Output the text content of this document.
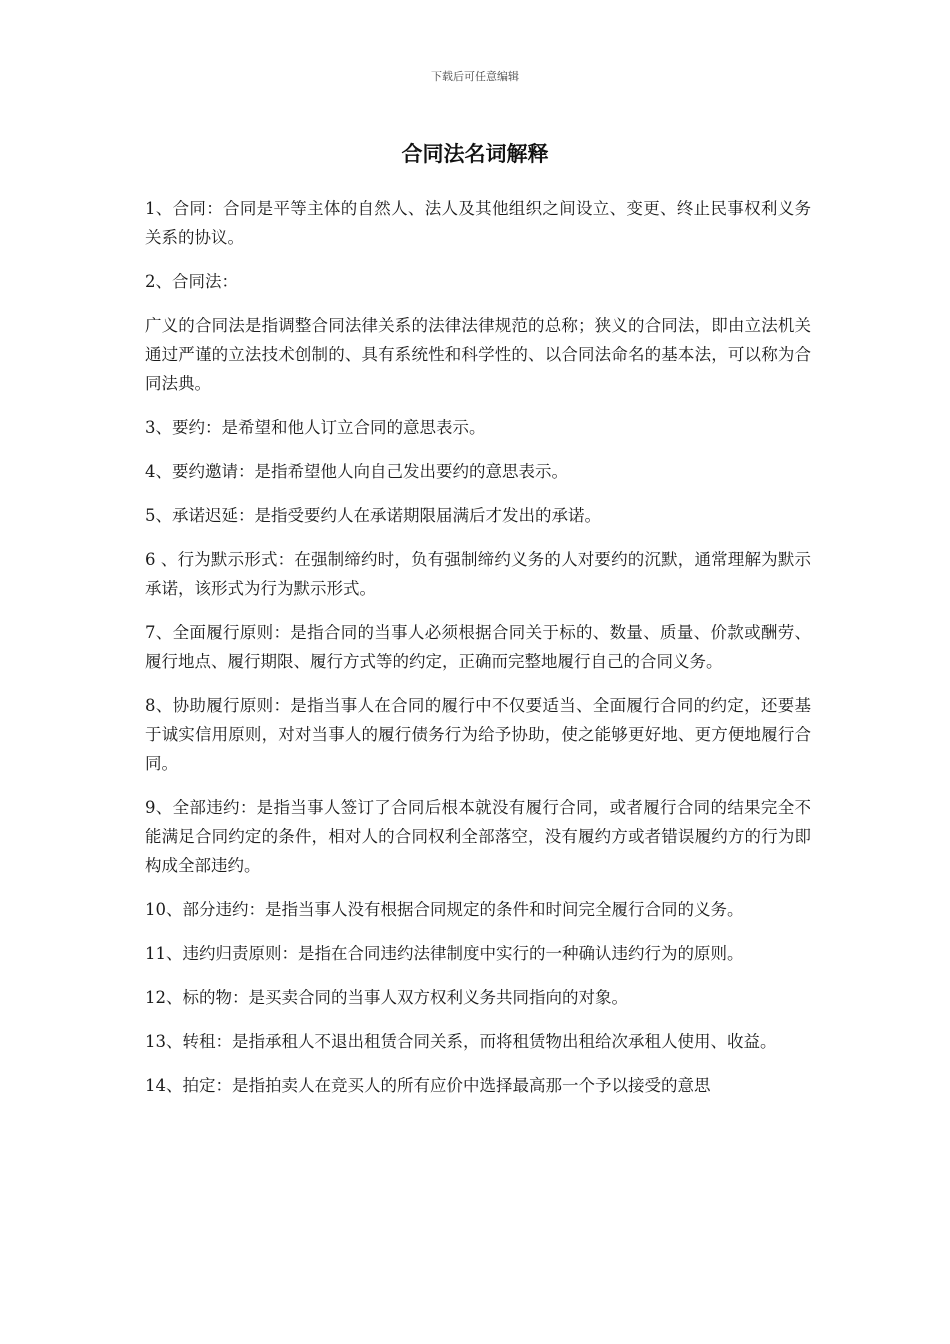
下载后可任意编辑
合同法名词解释

1、合同：合同是平等主体的自然人、法人及其他组织之间设立、变更、终止民事权利义务关系的协议。

2、合同法：

广义的合同法是指调整合同法律关系的法律法律规范的总称；狭义的合同法，即由立法机关通过严谨的立法技术创制的、具有系统性和科学性的、以合同法命名的基本法，可以称为合同法典。

3、要约：是希望和他人订立合同的意思表示。

4、要约邀请：是指希望他人向自己发出要约的意思表示。

5、承诺迟延：是指受要约人在承诺期限届满后才发出的承诺。

6 、行为默示形式：在强制缔约时，负有强制缔约义务的人对要约的沉默，通常理解为默示承诺，该形式为行为默示形式。

7、全面履行原则：是指合同的当事人必须根据合同关于标的、数量、质量、价款或酬劳、履行地点、履行期限、履行方式等的约定，正确而完整地履行自己的合同义务。

8、协助履行原则：是指当事人在合同的履行中不仅要适当、全面履行合同的约定，还要基于诚实信用原则，对对当事人的履行债务行为给予协助，使之能够更好地、更方便地履行合同。

9、全部违约：是指当事人签订了合同后根本就没有履行合同，或者履行合同的结果完全不能满足合同约定的条件，相对人的合同权利全部落空，没有履约方或者错误履约方的行为即构成全部违约。

10、部分违约：是指当事人没有根据合同规定的条件和时间完全履行合同的义务。

11、违约归责原则：是指在合同违约法律制度中实行的一种确认违约行为的原则。

12、标的物：是买卖合同的当事人双方权利义务共同指向的对象。

13、转租：是指承租人不退出租赁合同关系，而将租赁物出租给次承租人使用、收益。

14、拍定：是指拍卖人在竞买人的所有应价中选择最高那一个予以接受的意思
